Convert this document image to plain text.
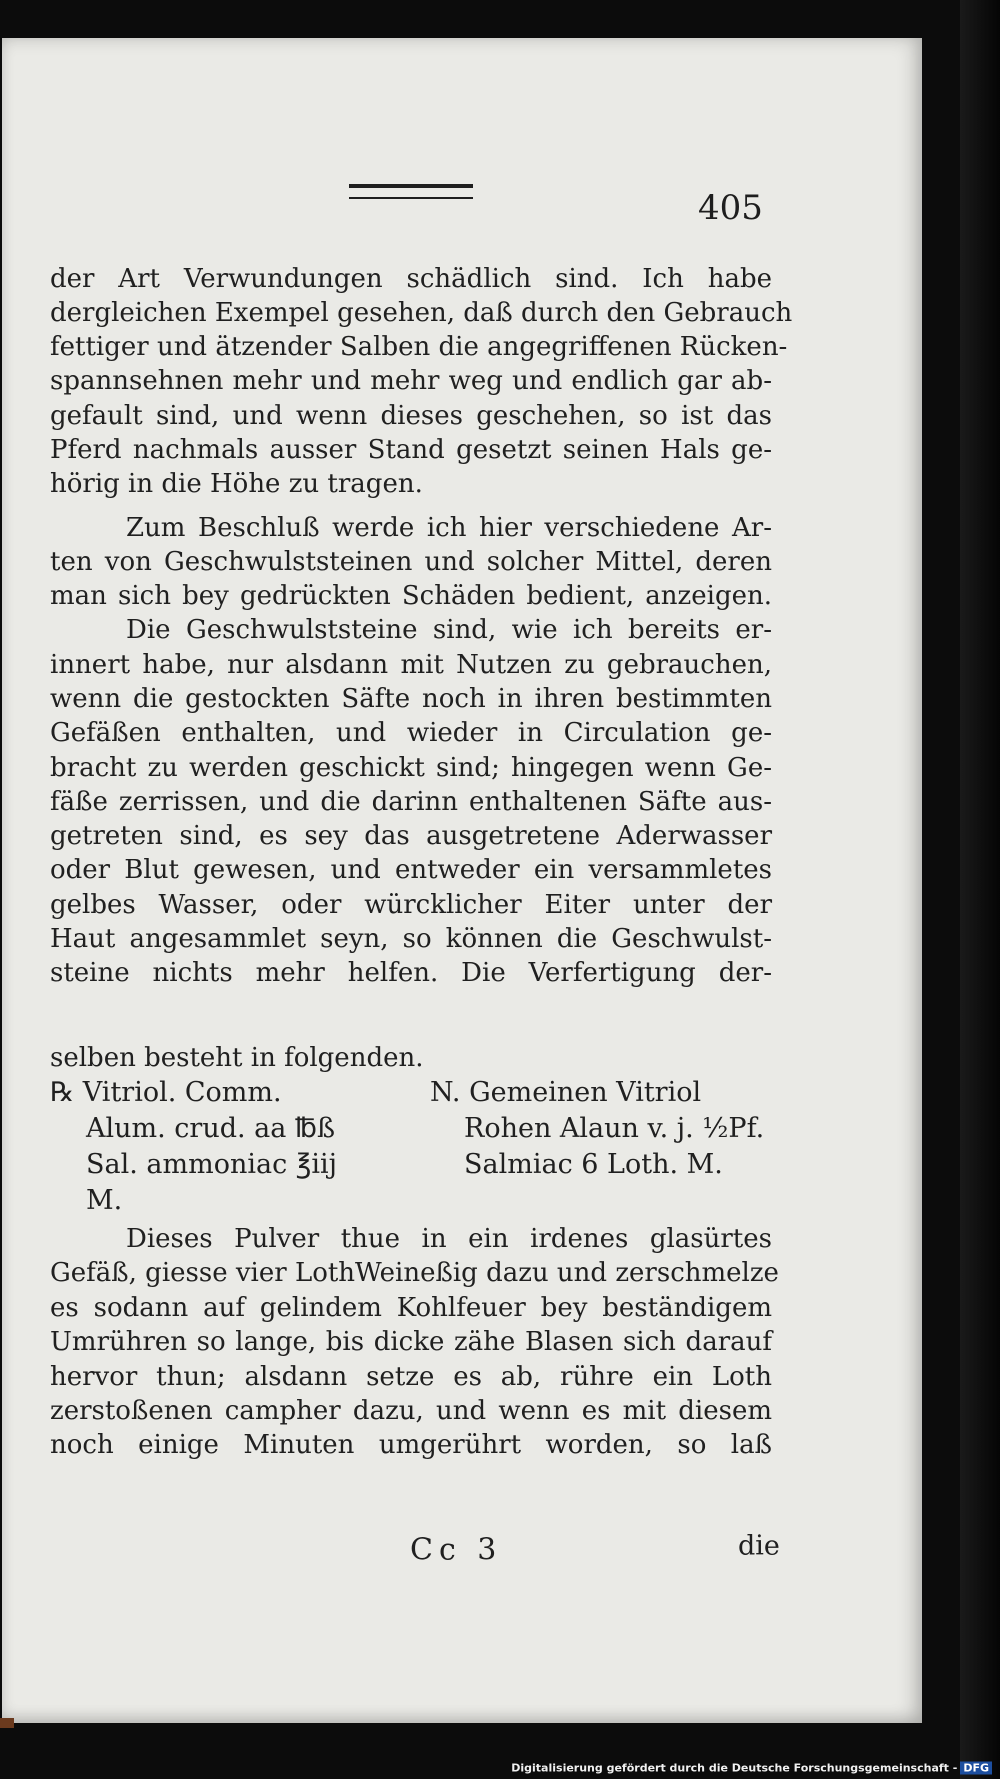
405
der Art Verwundungen schädlich sind. Ich habe
dergleichen Exempel gesehen, daß durch den Gebrauch
fettiger und ätzender Salben die angegriffenen Rücken-
spannsehnen mehr und mehr weg und endlich gar ab-
gefault sind, und wenn dieses geschehen, so ist das
Pferd nachmals ausser Stand gesetzt seinen Hals ge-
hörig in die Höhe zu tragen.
Zum Beschluß werde ich hier verschiedene Ar-
ten von Geschwulststeinen und solcher Mittel, deren
man sich bey gedrückten Schäden bedient, anzeigen.
Die Geschwulststeine sind, wie ich bereits er-
innert habe, nur alsdann mit Nutzen zu gebrauchen,
wenn die gestockten Säfte noch in ihren bestimmten
Gefäßen enthalten, und wieder in Circulation ge-
bracht zu werden geschickt sind; hingegen wenn Ge-
fäße zerrissen, und die darinn enthaltenen Säfte aus-
getreten sind, es sey das ausgetretene Aderwasser
oder Blut gewesen, und entweder ein versammletes
gelbes Wasser, oder würcklicher Eiter unter der
Haut angesammlet seyn, so können die Geschwulst-
steine nichts mehr helfen. Die Verfertigung der-
selben besteht in folgenden.
℞ Vitriol. Comm.
Alum. crud. aa ℔ß
Sal. ammoniac ℥iij
M.
N. Gemeinen Vitriol
Rohen Alaun v. j. ½Pf.
Salmiac 6 Loth. M.
Dieses Pulver thue in ein irdenes glasürtes
Gefäß, giesse vier LothWeineßig dazu und zerschmelze
es sodann auf gelindem Kohlfeuer bey beständigem
Umrühren so lange, bis dicke zähe Blasen sich darauf
hervor thun; alsdann setze es ab, rühre ein Loth
zerstoßenen campher dazu, und wenn es mit diesem
noch einige Minuten umgerührt worden, so laß
Cc 3	die
Digitalisierung gefördert durch die Deutsche Forschungsgemeinschaft - DFG
